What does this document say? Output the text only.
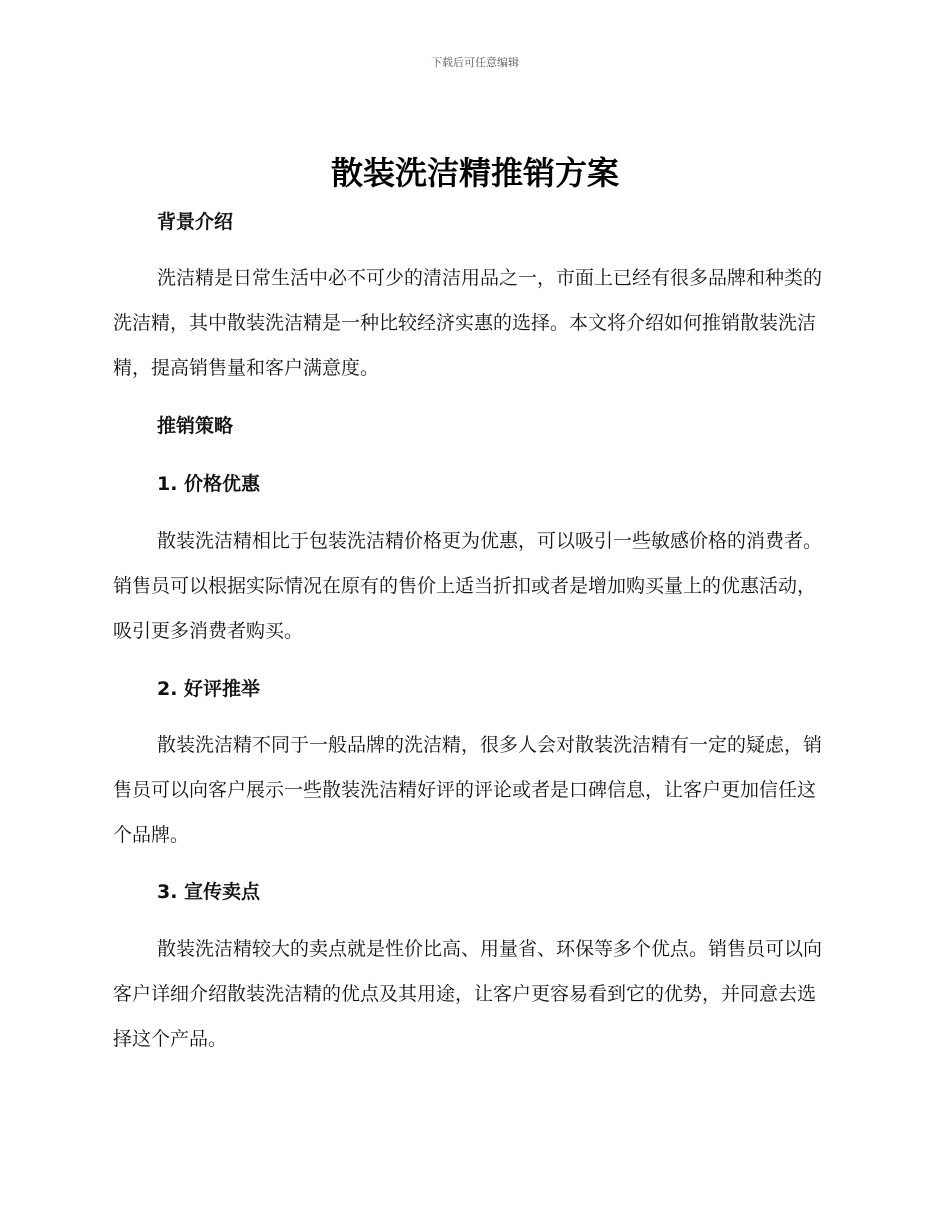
下载后可任意编辑
散装洗洁精推销方案
背景介绍

洗洁精是日常生活中必不可少的清洁用品之一，市面上已经有很多品牌和种类的洗洁精，其中散装洗洁精是一种比较经济实惠的选择。本文将介绍如何推销散装洗洁精，提高销售量和客户满意度。

推销策略
1. 价格优惠

散装洗洁精相比于包装洗洁精价格更为优惠，可以吸引一些敏感价格的消费者。销售员可以根据实际情况在原有的售价上适当折扣或者是增加购买量上的优惠活动，吸引更多消费者购买。

2. 好评推举

散装洗洁精不同于一般品牌的洗洁精，很多人会对散装洗洁精有一定的疑虑，销售员可以向客户展示一些散装洗洁精好评的评论或者是口碑信息，让客户更加信任这个品牌。

3. 宣传卖点

散装洗洁精较大的卖点就是性价比高、用量省、环保等多个优点。销售员可以向客户详细介绍散装洗洁精的优点及其用途，让客户更容易看到它的优势，并同意去选择这个产品。
